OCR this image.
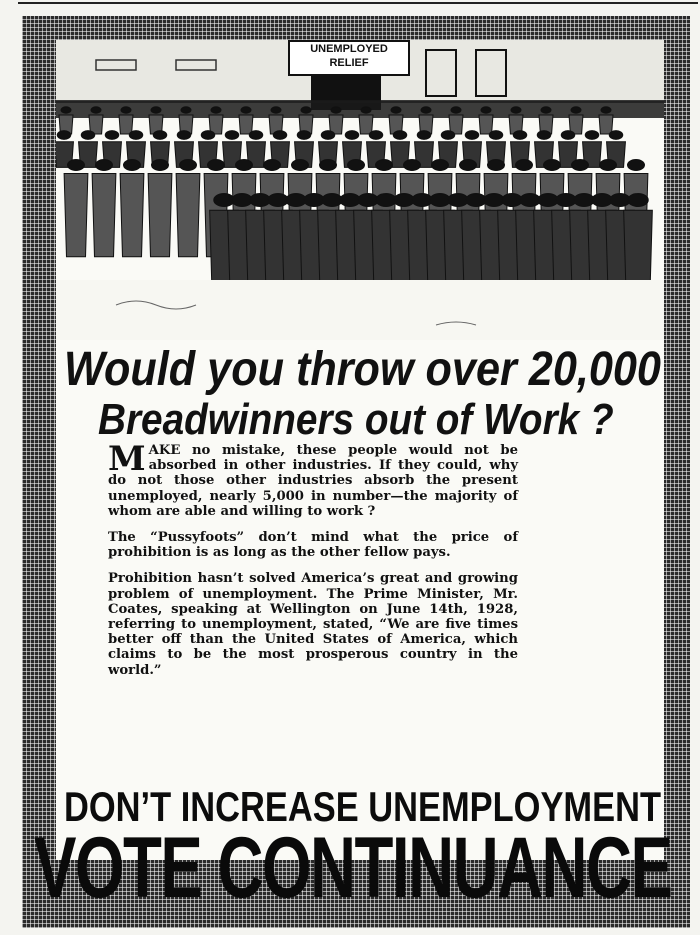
UNEMPLOYED
RELIEF
Would you throw over 20,000
Breadwinners out of Work ?

MAKE no mistake, these people would not be absorbed in other industries. If they could, why do not those other industries absorb the present unemployed, nearly 5,000 in number—the majority of whom are able and willing to work ?

The “Pussyfoots” don’t mind what the price of prohibition is as long as the other fellow pays.

Prohibition hasn’t solved America’s great and growing problem of unemployment. The Prime Minister, Mr. Coates, speaking at Wellington on June 14th, 1928, referring to unemployment, stated, “We are five times better off than the United States of America, which claims to be the most prosperous country in the world.”

DON’T INCREASE UNEMPLOYMENT
VOTE CONTINUANCE
